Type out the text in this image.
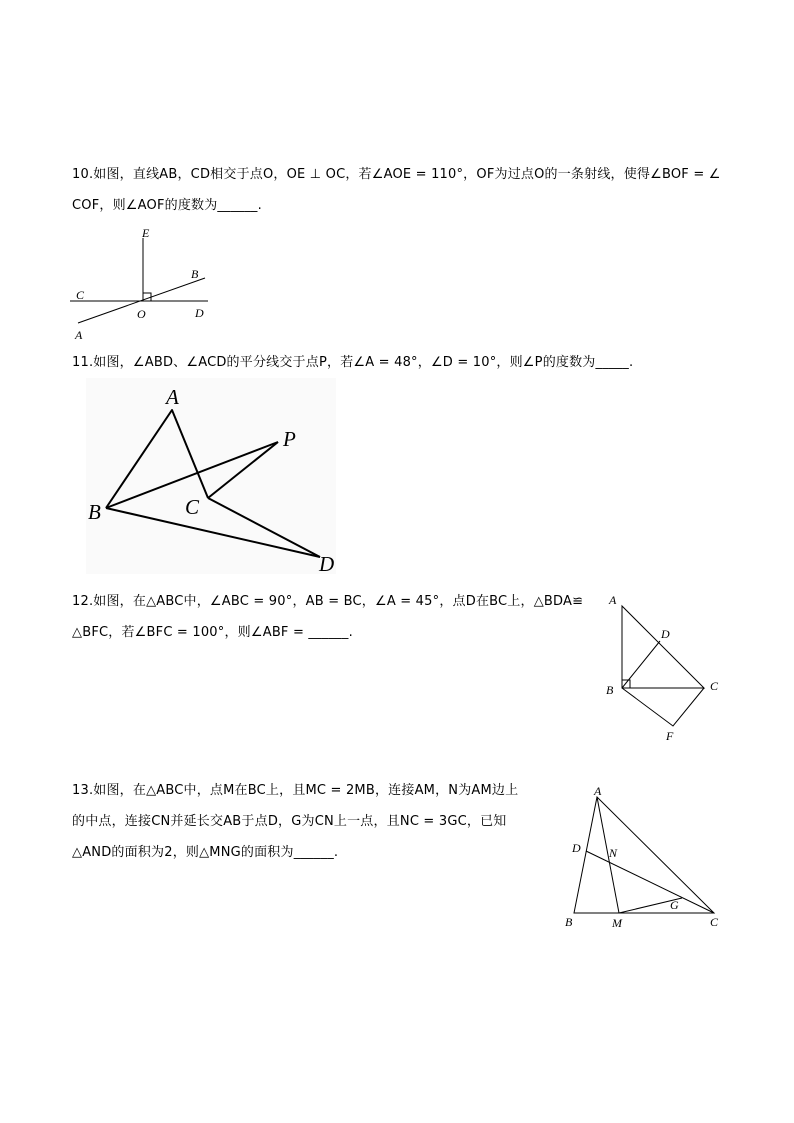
10.如图，直线AB，CD相交于点O，OE ⊥ OC，若∠AOE = 110°，OF为过点O的一条射线，使得∠BOF = ∠
COF，则∠AOF的度数为______.
E
B
C
O	D
A
11.如图，∠ABD、∠ACD的平分线交于点P，若∠A = 48°，∠D = 10°，则∠P的度数为_____.
A
P
B	C
D
12.如图，在△ABC中，∠ABC = 90°，AB = BC，∠A = 45°，点D在BC上，△BDA≌
△BFC，若∠BFC = 100°，则∠ABF = ______.
A
D
B	C
F
13.如图，在△ABC中，点M在BC上，且MC = 2MB，连接AM，N为AM边上
的中点，连接CN并延长交AB于点D，G为CN上一点，且NC = 3GC，已知
△AND的面积为2，则△MNG的面积为______.
A
D N
G
B	M	C
